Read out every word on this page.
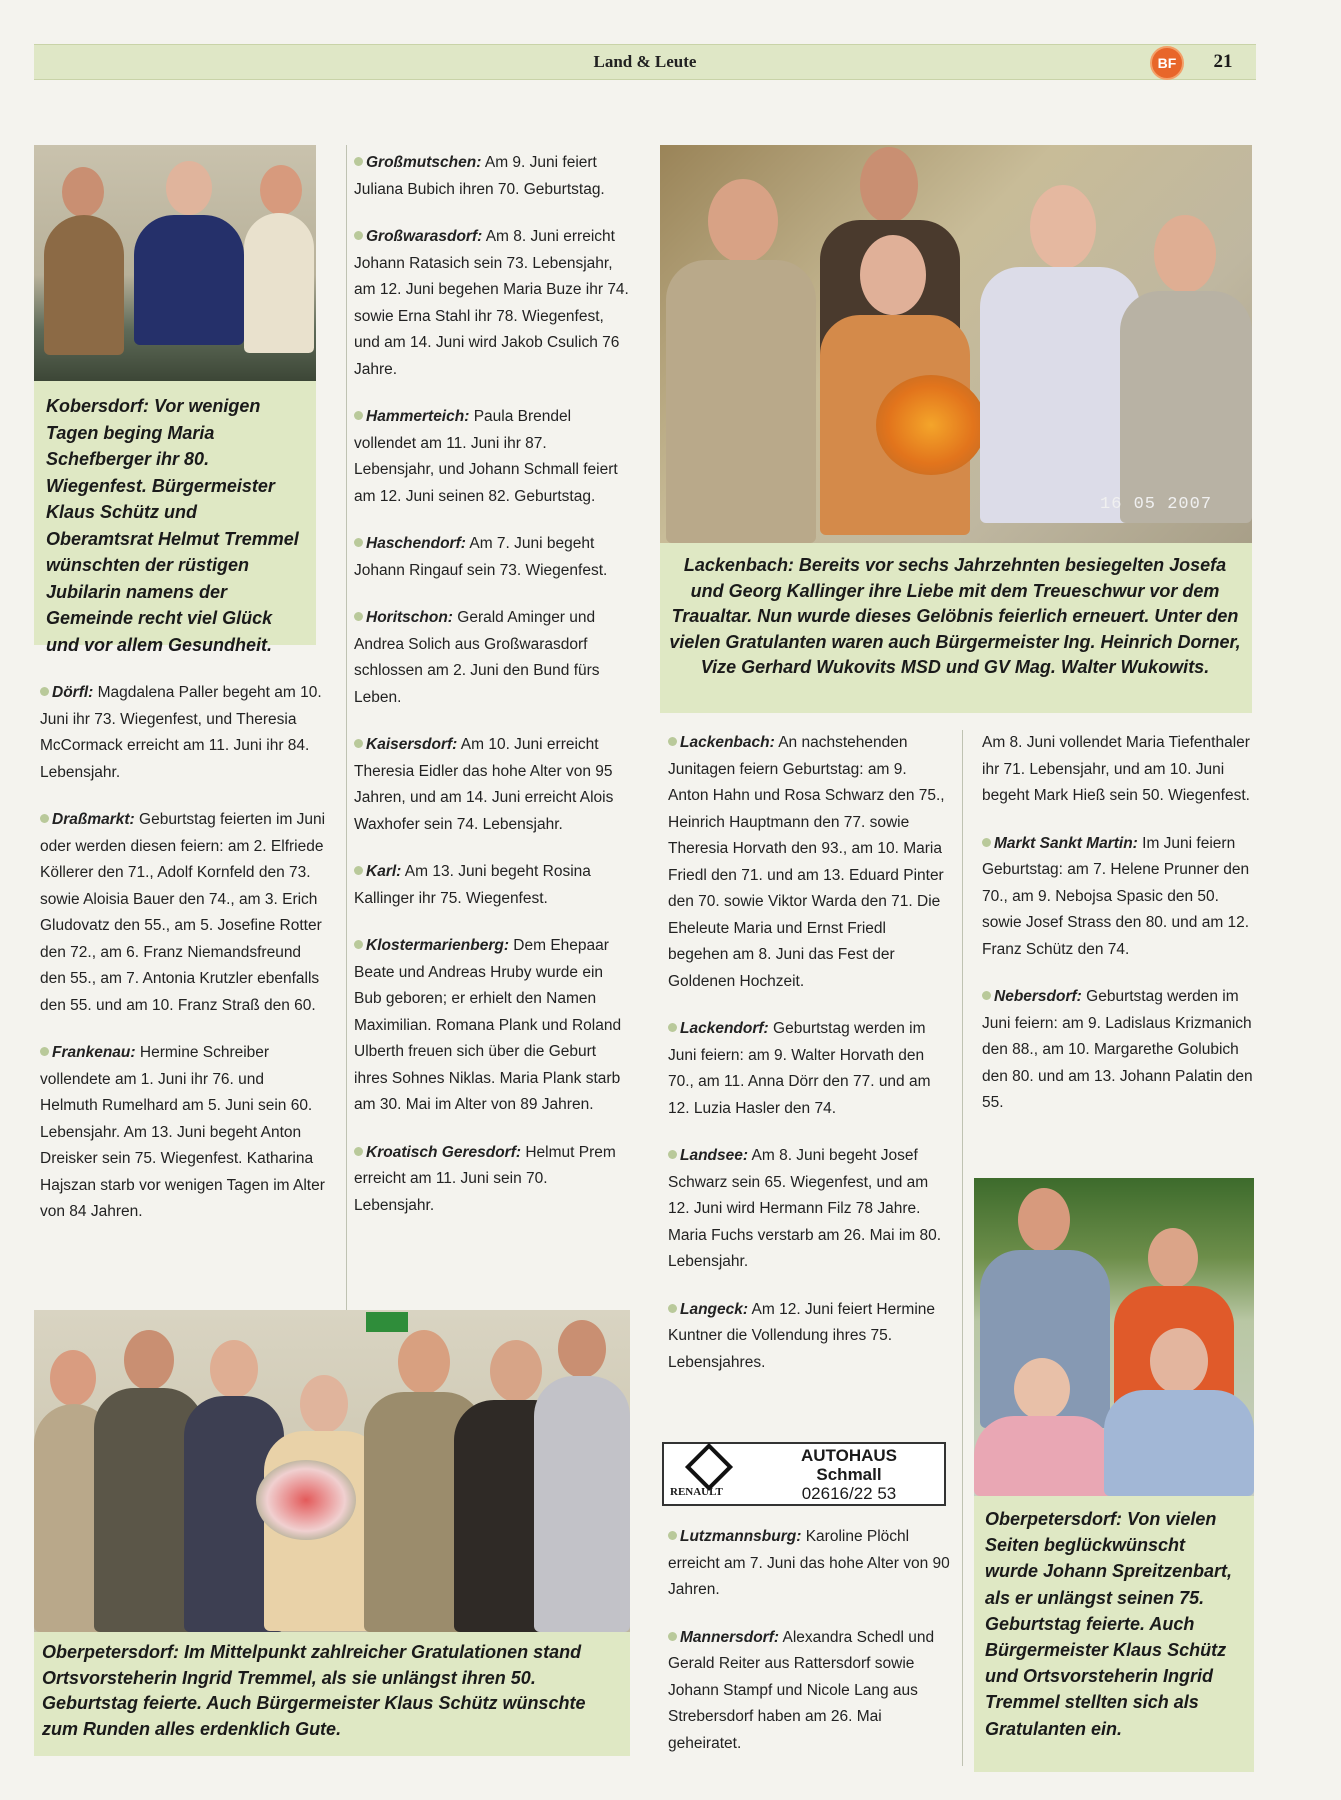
Land & Leute	BF	21
Kobersdorf: Vor wenigen Tagen beging Maria Schefberger ihr 80. Wiegenfest. Bürgermeister Klaus Schütz und Oberamtsrat Helmut Tremmel wünschten der rüstigen Jubilarin namens der Gemeinde recht viel Glück und vor allem Gesundheit.

Dörfl: Magdalena Paller begeht am 10. Juni ihr 73. Wiegenfest, und Theresia McCormack erreicht am 11. Juni ihr 84. Lebensjahr.

Draßmarkt: Geburtstag feierten im Juni oder werden diesen feiern: am 2. Elfriede Köllerer den 71., Adolf Kornfeld den 73. sowie Aloisia Bauer den 74., am 3. Erich Gludovatz den 55., am 5. Josefine Rotter den 72., am 6. Franz Niemandsfreund den 55., am 7. Antonia Krutzler ebenfalls den 55. und am 10. Franz Straß den 60.

Frankenau: Hermine Schreiber vollendete am 1. Juni ihr 76. und Helmuth Rumelhard am 5. Juni sein 60. Lebensjahr. Am 13. Juni begeht Anton Dreisker sein 75. Wiegenfest. Katharina Hajszan starb vor wenigen Tagen im Alter von 84 Jahren.

Großmutschen: Am 9. Juni feiert Juliana Bubich ihren 70. Geburtstag.

Großwarasdorf: Am 8. Juni erreicht Johann Ratasich sein 73. Lebensjahr, am 12. Juni begehen Maria Buze ihr 74. sowie Erna Stahl ihr 78. Wiegenfest, und am 14. Juni wird Jakob Csulich 76 Jahre.

Hammerteich: Paula Brendel vollendet am 11. Juni ihr 87. Lebensjahr, und Johann Schmall feiert am 12. Juni seinen 82. Geburtstag.

Haschendorf: Am 7. Juni begeht Johann Ringauf sein 73. Wiegenfest.

Horitschon: Gerald Aminger und Andrea Solich aus Großwarasdorf schlossen am 2. Juni den Bund fürs Leben.

Kaisersdorf: Am 10. Juni erreicht Theresia Eidler das hohe Alter von 95 Jahren, und am 14. Juni erreicht Alois Waxhofer sein 74. Lebensjahr.

Karl: Am 13. Juni begeht Rosina Kallinger ihr 75. Wiegenfest.

Klostermarienberg: Dem Ehepaar Beate und Andreas Hruby wurde ein Bub geboren; er erhielt den Namen Maximilian. Romana Plank und Roland Ulberth freuen sich über die Geburt ihres Sohnes Niklas. Maria Plank starb am 30. Mai im Alter von 89 Jahren.

Kroatisch Geresdorf: Helmut Prem erreicht am 11. Juni sein 70. Lebensjahr.

16 05 2007
Lackenbach: Bereits vor sechs Jahrzehnten besiegelten Josefa und Georg Kallinger ihre Liebe mit dem Treueschwur vor dem Traualtar. Nun wurde dieses Gelöbnis feierlich erneuert. Unter den vielen Gratulanten waren auch Bürgermeister Ing. Heinrich Dorner, Vize Gerhard Wukovits MSD und GV Mag. Walter Wukowits.

Lackenbach: An nachstehenden Junitagen feiern Geburtstag: am 9. Anton Hahn und Rosa Schwarz den 75., Heinrich Hauptmann den 77. sowie Theresia Horvath den 93., am 10. Maria Friedl den 71. und am 13. Eduard Pinter den 70. sowie Viktor Warda den 71. Die Eheleute Maria und Ernst Friedl begehen am 8. Juni das Fest der Goldenen Hochzeit.

Lackendorf: Geburtstag werden im Juni feiern: am 9. Walter Horvath den 70., am 11. Anna Dörr den 77. und am 12. Luzia Hasler den 74.

Landsee: Am 8. Juni begeht Josef Schwarz sein 65. Wiegenfest, und am 12. Juni wird Hermann Filz 78 Jahre. Maria Fuchs verstarb am 26. Mai im 80. Lebensjahr.

Langeck: Am 12. Juni feiert Hermine Kuntner die Vollendung ihres 75. Lebensjahres.

RENAULT
AUTOHAUS
Schmall
02616/22 53

Lutzmannsburg: Karoline Plöchl erreicht am 7. Juni das hohe Alter von 90 Jahren.

Mannersdorf: Alexandra Schedl und Gerald Reiter aus Rattersdorf sowie Johann Stampf und Nicole Lang aus Strebersdorf haben am 26. Mai geheiratet.

Am 8. Juni vollendet Maria Tiefenthaler ihr 71. Lebensjahr, und am 10. Juni begeht Mark Hieß sein 50. Wiegenfest.

Markt Sankt Martin: Im Juni feiern Geburtstag: am 7. Helene Prunner den 70., am 9. Nebojsa Spasic den 50. sowie Josef Strass den 80. und am 12. Franz Schütz den 74.

Nebersdorf: Geburtstag werden im Juni feiern: am 9. Ladislaus Krizmanich den 88., am 10. Margarethe Golubich den 80. und am 13. Johann Palatin den 55.

Oberpetersdorf: Von vielen Seiten beglückwünscht wurde Johann Spreitzenbart, als er unlängst seinen 75. Geburtstag feierte. Auch Bürgermeister Klaus Schütz und Ortsvorsteherin Ingrid Tremmel stellten sich als Gratulanten ein.
Oberpetersdorf: Im Mittelpunkt zahlreicher Gratulationen stand Ortsvorsteherin Ingrid Tremmel, als sie unlängst ihren 50. Geburtstag feierte. Auch Bürgermeister Klaus Schütz wünschte zum Runden alles erdenklich Gute.
